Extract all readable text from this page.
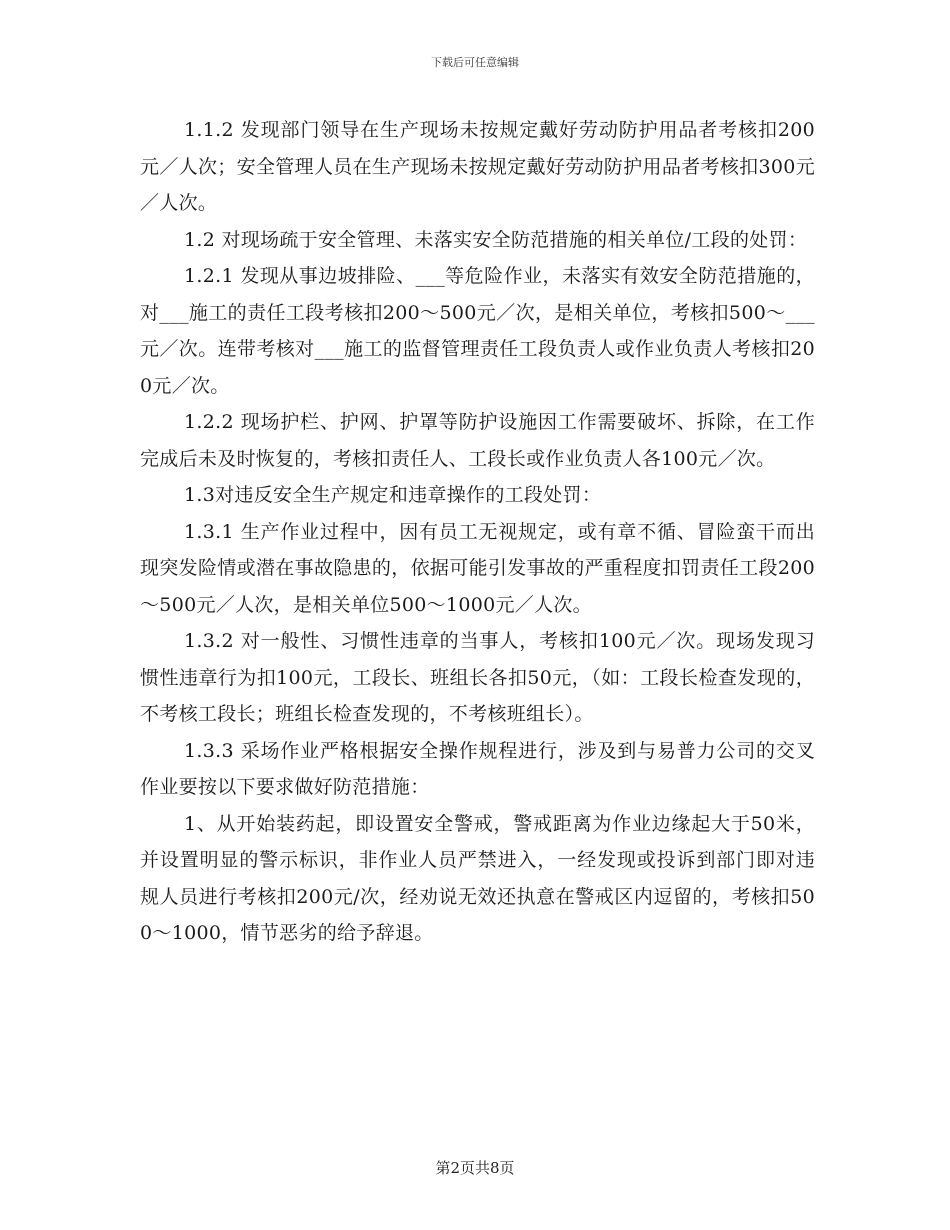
下载后可任意编辑

1.1.2 发现部门领导在生产现场未按规定戴好劳动防护用品者考核扣200元／人次；安全管理人员在生产现场未按规定戴好劳动防护用品者考核扣300元／人次。

1.2 对现场疏于安全管理、未落实安全防范措施的相关单位/工段的处罚：

1.2.1 发现从事边坡排险、___等危险作业，未落实有效安全防范措施的，对___施工的责任工段考核扣200～500元／次，是相关单位，考核扣500～___元／次。连带考核对___施工的监督管理责任工段负责人或作业负责人考核扣200元／次。

1.2.2 现场护栏、护网、护罩等防护设施因工作需要破坏、拆除，在工作完成后未及时恢复的，考核扣责任人、工段长或作业负责人各100元／次。

1.3对违反安全生产规定和违章操作的工段处罚：

1.3.1 生产作业过程中，因有员工无视规定，或有章不循、冒险蛮干而出现突发险情或潜在事故隐患的，依据可能引发事故的严重程度扣罚责任工段200～500元／人次，是相关单位500～1000元／人次。

1.3.2 对一般性、习惯性违章的当事人，考核扣100元／次。现场发现习惯性违章行为扣100元，工段长、班组长各扣50元，（如：工段长检查发现的，不考核工段长；班组长检查发现的，不考核班组长）。

1.3.3 采场作业严格根据安全操作规程进行，涉及到与易普力公司的交叉作业要按以下要求做好防范措施：

1、从开始装药起，即设置安全警戒，警戒距离为作业边缘起大于50米，并设置明显的警示标识，非作业人员严禁进入，一经发现或投诉到部门即对违规人员进行考核扣200元/次，经劝说无效还执意在警戒区内逗留的，考核扣500～1000，情节恶劣的给予辞退。

第2页共8页
